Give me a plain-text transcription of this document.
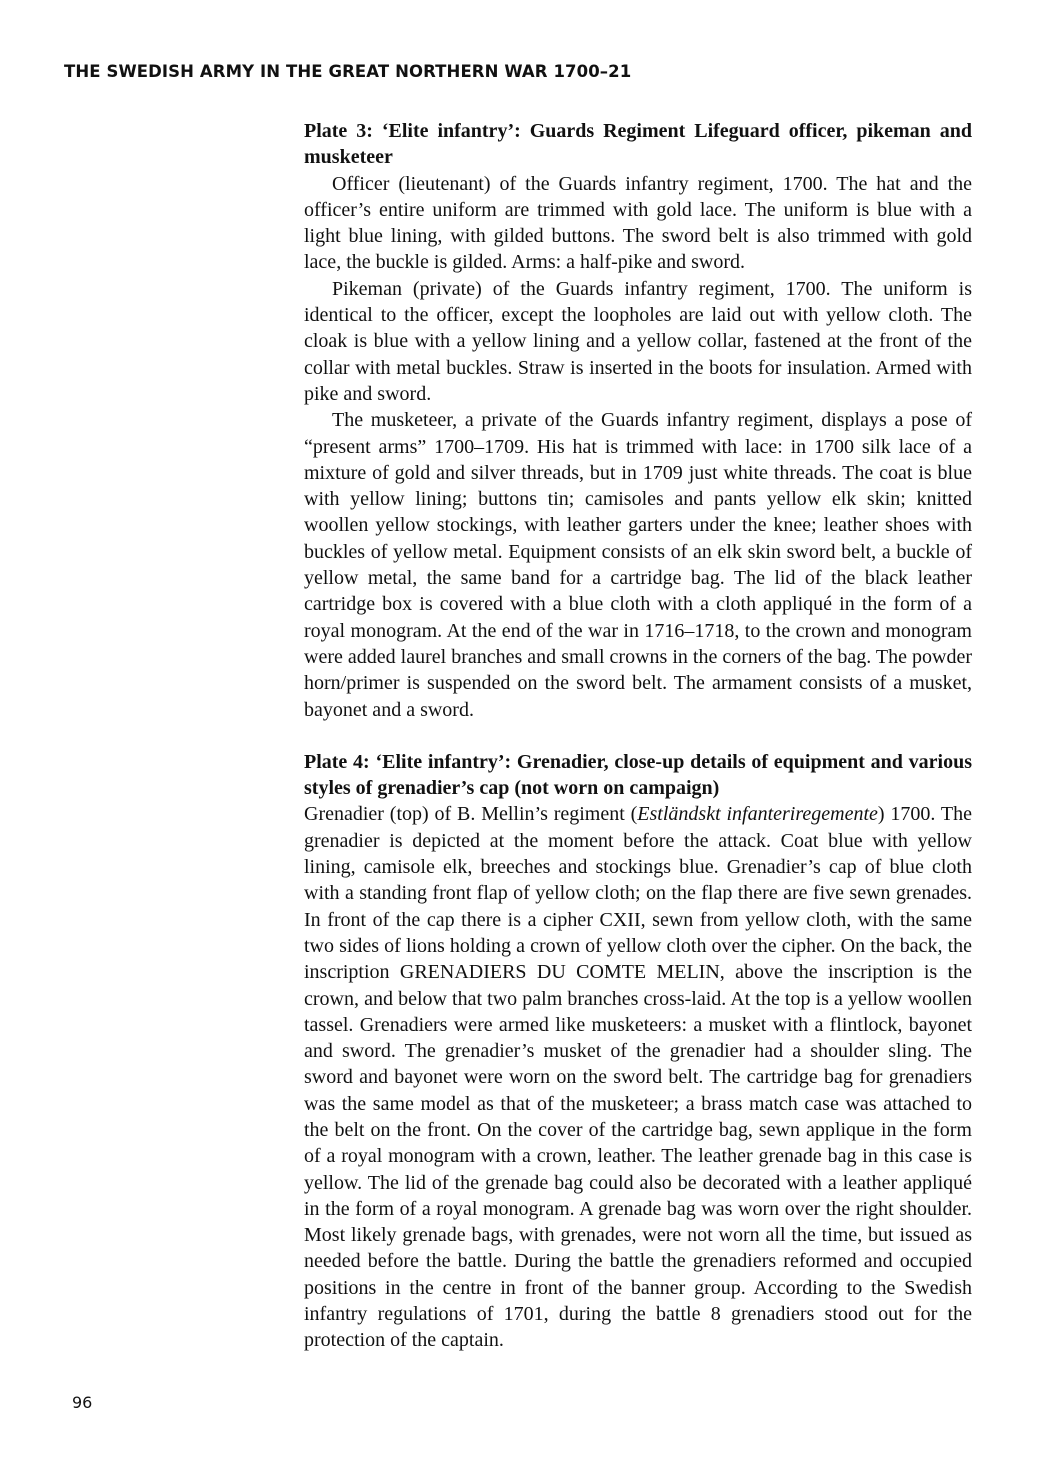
THE SWEDISH ARMY IN THE GREAT NORTHERN WAR 1700–21

Plate 3: ‘Elite infantry’: Guards Regiment Lifeguard officer, pikeman and musketeer

Officer (lieutenant) of the Guards infantry regiment, 1700. The hat and the officer’s entire uniform are trimmed with gold lace. The uniform is blue with a light blue lining, with gilded buttons. The sword belt is also trimmed with gold lace, the buckle is gilded. Arms: a half-pike and sword.

Pikeman (private) of the Guards infantry regiment, 1700. The uniform is identical to the officer, except the loopholes are laid out with yellow cloth. The cloak is blue with a yellow lining and a yellow collar, fastened at the front of the collar with metal buckles. Straw is inserted in the boots for insulation. Armed with pike and sword.

The musketeer, a private of the Guards infantry regiment, displays a pose of “present arms” 1700–1709. His hat is trimmed with lace: in 1700 silk lace of a mixture of gold and silver threads, but in 1709 just white threads. The coat is blue with yellow lining; buttons tin; camisoles and pants yellow elk skin; knitted woollen yellow stockings, with leather garters under the knee; leather shoes with buckles of yellow metal. Equipment consists of an elk skin sword belt, a buckle of yellow metal, the same band for a cartridge bag. The lid of the black leather cartridge box is covered with a blue cloth with a cloth appliqué in the form of a royal monogram. At the end of the war in 1716–1718, to the crown and monogram were added laurel branches and small crowns in the corners of the bag. The powder horn/primer is suspended on the sword belt. The armament consists of a musket, bayonet and a sword.

Plate 4: ‘Elite infantry’: Grenadier, close-up details of equipment and various styles of grenadier’s cap (not worn on campaign)

Grenadier (top) of B. Mellin’s regiment (Estländskt infanteriregemente) 1700. The grenadier is depicted at the moment before the attack. Coat blue with yellow lining, camisole elk, breeches and stockings blue. Grenadier’s cap of blue cloth with a standing front flap of yellow cloth; on the flap there are five sewn grenades. In front of the cap there is a cipher CXII, sewn from yellow cloth, with the same two sides of lions holding a crown of yellow cloth over the cipher. On the back, the inscription GRENADIERS DU COMTE MELIN, above the inscription is the crown, and below that two palm branches cross-laid. At the top is a yellow woollen tassel. Grenadiers were armed like musketeers: a musket with a flintlock, bayonet and sword. The grenadier’s musket of the grenadier had a shoulder sling. The sword and bayonet were worn on the sword belt. The cartridge bag for grenadiers was the same model as that of the musketeer; a brass match case was attached to the belt on the front. On the cover of the cartridge bag, sewn applique in the form of a royal monogram with a crown, leather. The leather grenade bag in this case is yellow. The lid of the grenade bag could also be decorated with a leather appliqué in the form of a royal monogram. A grenade bag was worn over the right shoulder. Most likely grenade bags, with grenades, were not worn all the time, but issued as needed before the battle. During the battle the grenadiers reformed and occupied positions in the centre in front of the banner group. According to the Swedish infantry regulations of 1701, during the battle 8 grenadiers stood out for the protection of the captain.

96
